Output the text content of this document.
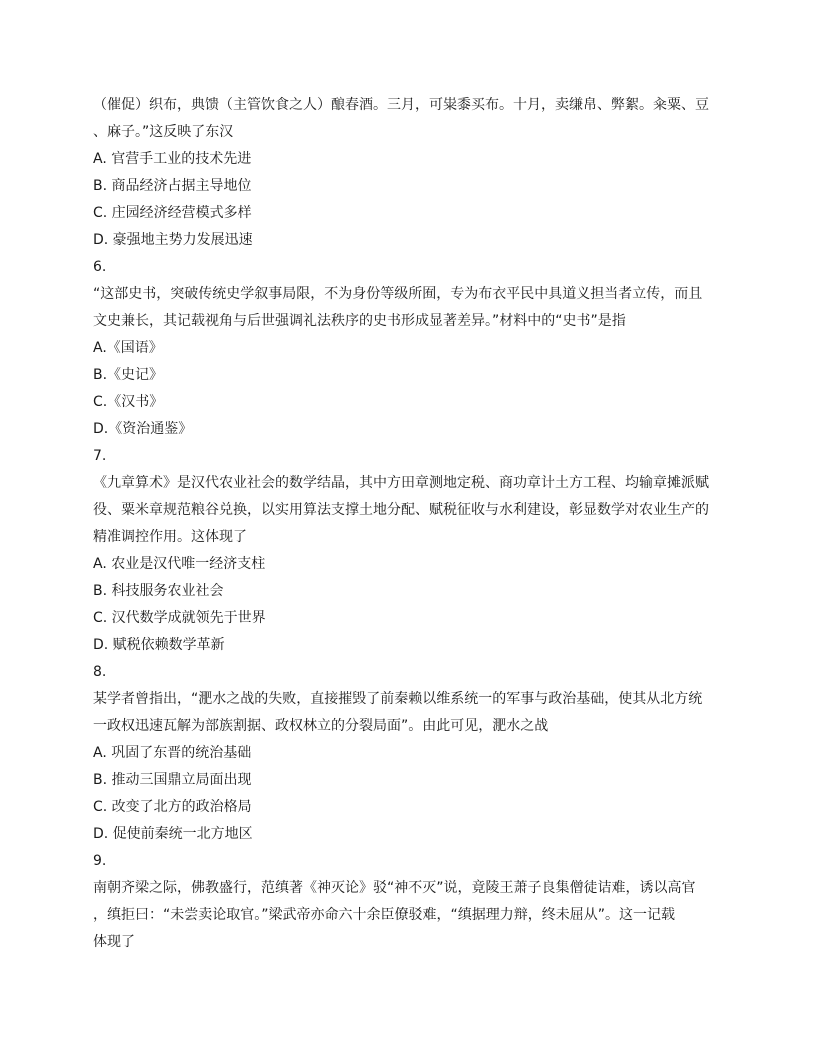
（催促）织布，典馈（主管饮食之人）酿春酒。三月，可粜黍买布。十月，卖缣帛、弊絮。籴粟、豆
、麻子。”这反映了东汉
A. 官营手工业的技术先进
B. 商品经济占据主导地位
C. 庄园经济经营模式多样
D. 豪强地主势力发展迅速
6.
“这部史书，突破传统史学叙事局限，不为身份等级所囿，专为布衣平民中具道义担当者立传，而且
文史兼长，其记载视角与后世强调礼法秩序的史书形成显著差异。”材料中的“史书”是指
A.《国语》
B.《史记》
C.《汉书》
D.《资治通鉴》
7.
《九章算术》是汉代农业社会的数学结晶，其中方田章测地定税、商功章计土方工程、均输章摊派赋
役、粟米章规范粮谷兑换，以实用算法支撑土地分配、赋税征收与水利建设，彰显数学对农业生产的
精准调控作用。这体现了
A. 农业是汉代唯一经济支柱
B. 科技服务农业社会
C. 汉代数学成就领先于世界
D. 赋税依赖数学革新
8.
某学者曾指出，“淝水之战的失败，直接摧毁了前秦赖以维系统一的军事与政治基础，使其从北方统
一政权迅速瓦解为部族割据、政权林立的分裂局面”。由此可见，淝水之战
A. 巩固了东晋的统治基础
B. 推动三国鼎立局面出现
C. 改变了北方的政治格局
D. 促使前秦统一北方地区
9.
南朝齐梁之际，佛教盛行，范缜著《神灭论》驳“神不灭”说，竟陵王萧子良集僧徒诘难，诱以高官
，缜拒曰：“未尝卖论取官。”梁武帝亦命六十余臣僚驳难，“缜据理力辩，终未屈从”。这一记载
体现了
